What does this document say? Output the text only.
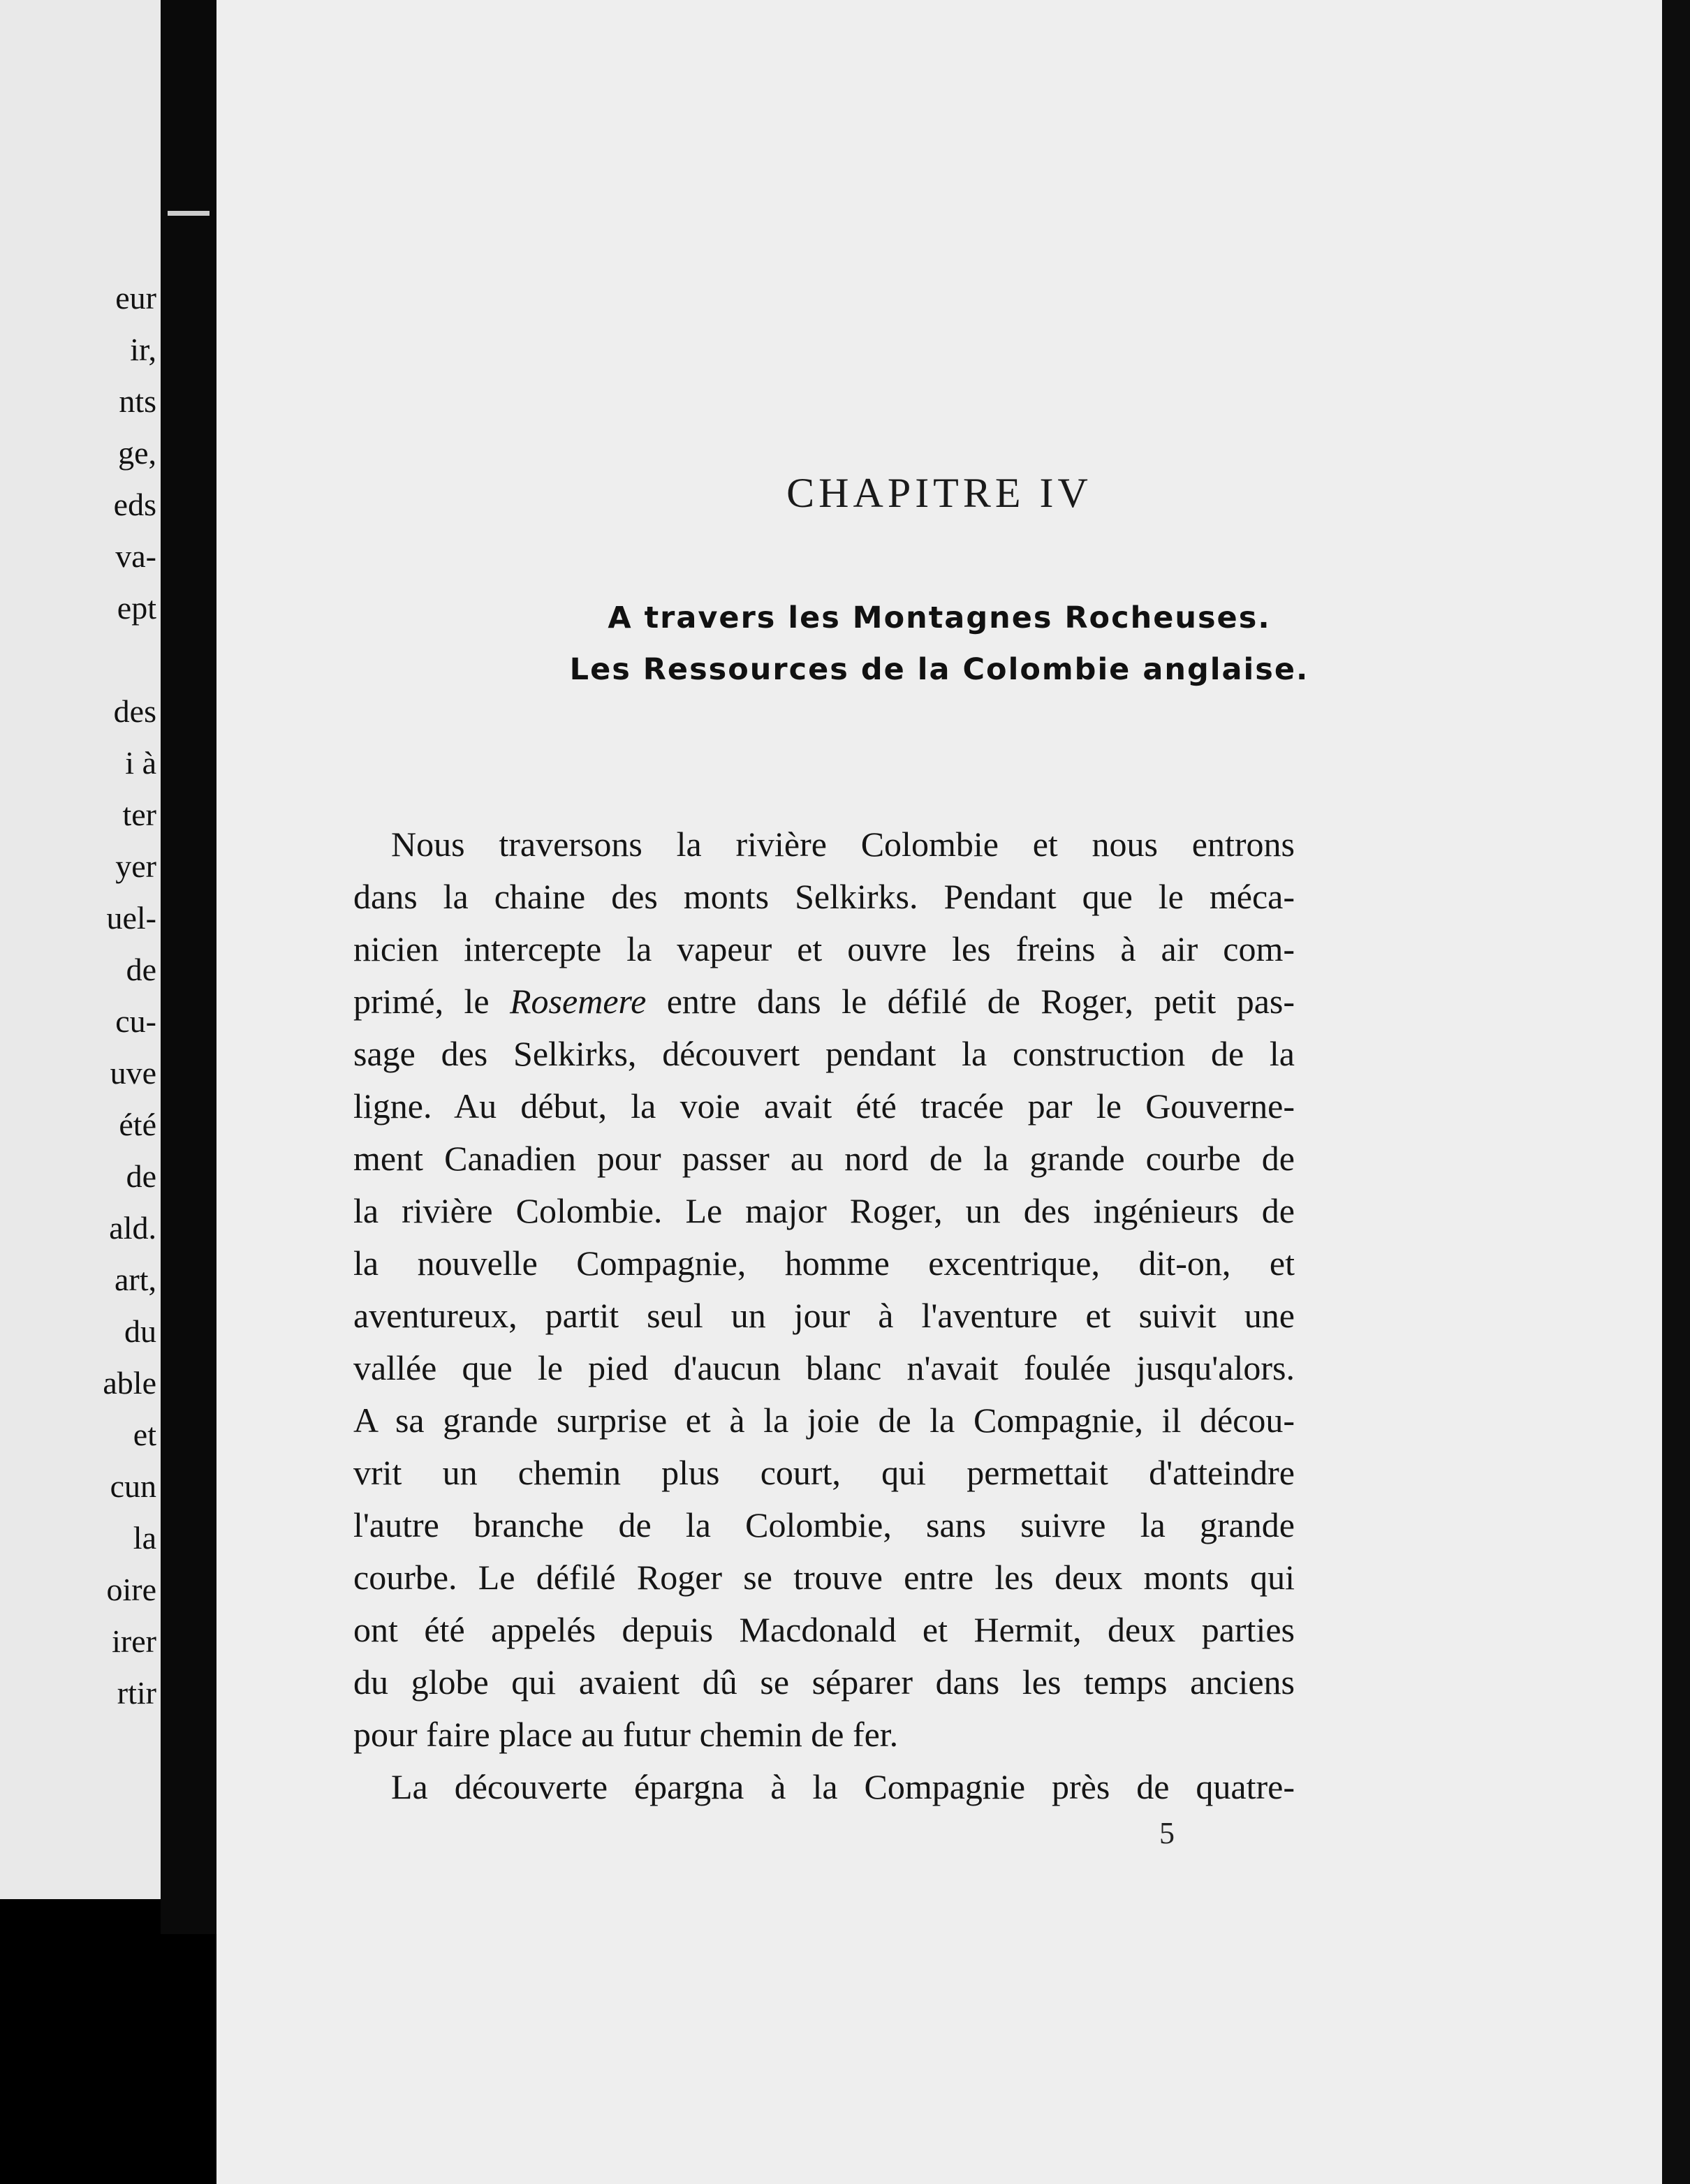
eur
ir,
nts
ge,
eds
va-
ept
des
i à
ter
yer
uel-
de
cu-
uve
été
de
ald.
art,
du
able
et
cun
la
oire
irer
rtir
CHAPITRE IV
A travers les Montagnes Rocheuses.
Les Ressources de la Colombie anglaise.
Nous traversons la rivière Colombie et nous entrons
dans la chaine des monts Selkirks. Pendant que le méca-
nicien intercepte la vapeur et ouvre les freins à air com-
primé, le Rosemere entre dans le défilé de Roger, petit pas-
sage des Selkirks, découvert pendant la construction de la
ligne. Au début, la voie avait été tracée par le Gouverne-
ment Canadien pour passer au nord de la grande courbe de
la rivière Colombie. Le major Roger, un des ingénieurs de
la nouvelle Compagnie, homme excentrique, dit-on, et
aventureux, partit seul un jour à l'aventure et suivit une
vallée que le pied d'aucun blanc n'avait foulée jusqu'alors.
A sa grande surprise et à la joie de la Compagnie, il décou-
vrit un chemin plus court, qui permettait d'atteindre
l'autre branche de la Colombie, sans suivre la grande
courbe. Le défilé Roger se trouve entre les deux monts qui
ont été appelés depuis Macdonald et Hermit, deux parties
du globe qui avaient dû se séparer dans les temps anciens
pour faire place au futur chemin de fer.
La découverte épargna à la Compagnie près de quatre-

5
